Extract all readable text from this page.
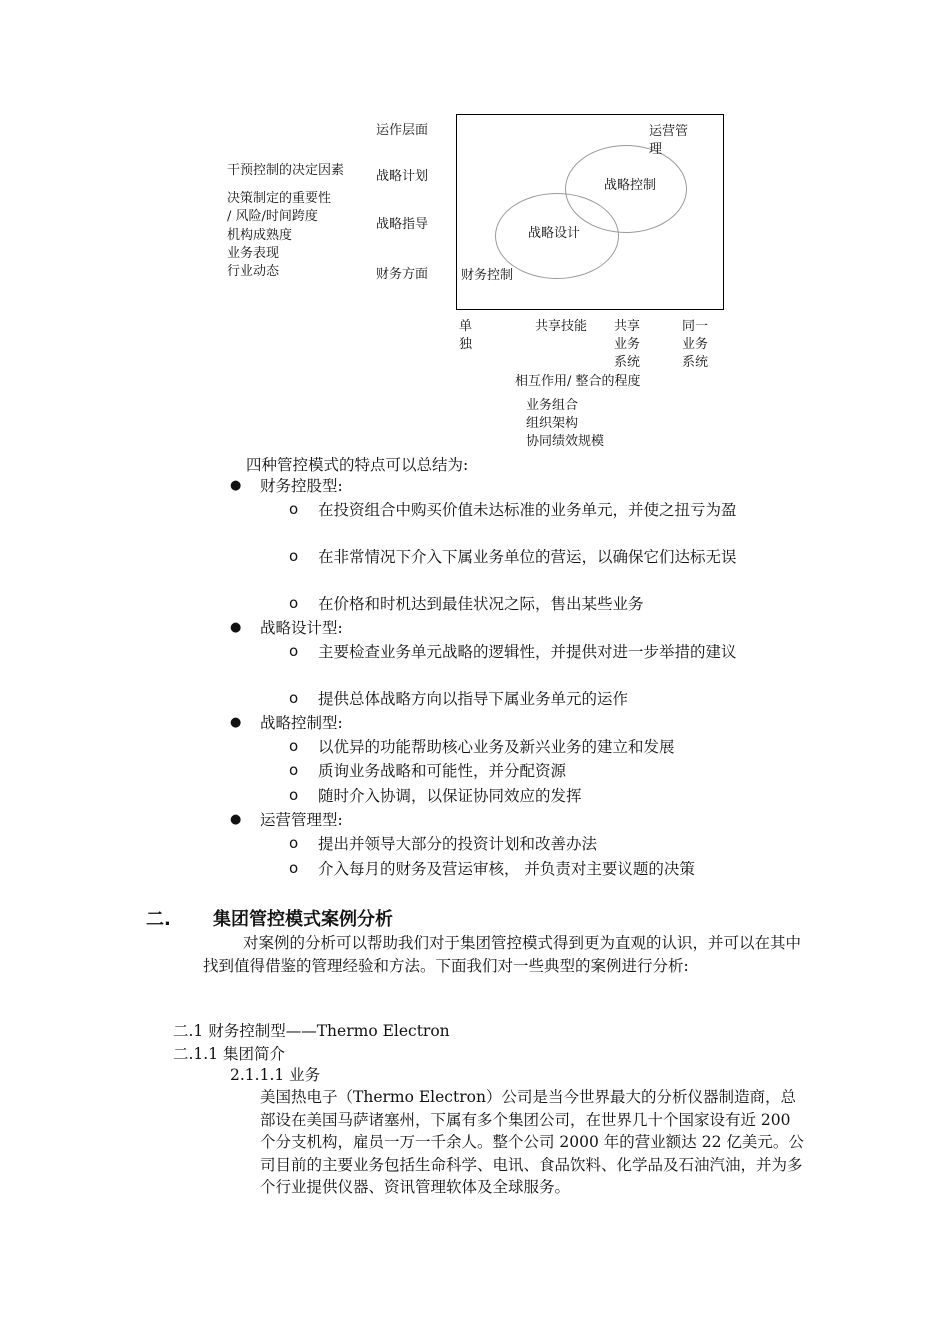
干预控制的决定因素
决策制定的重要性
/ 风险/时间跨度
机构成熟度
业务表现
行业动态
运作层面
战略计划
战略指导
财务方面
战略设计
战略控制
运营管理
财务控制
单独
共享技能 共享业务系统
同一业务系统
相互作用/ 整合的程度
业务组合
组织架构
协同绩效规模
四种管控模式的特点可以总结为:
● 财务控股型:
o 在投资组合中购买价值未达标准的业务单元，并使之扭亏为盈
o 在非常情况下介入下属业务单位的营运，以确保它们达标无误
o 在价格和时机达到最佳状况之际，售出某些业务
● 战略设计型:
o 主要检查业务单元战略的逻辑性，并提供对进一步举措的建议
o 提供总体战略方向以指导下属业务单元的运作
● 战略控制型:
o 以优异的功能帮助核心业务及新兴业务的建立和发展
o 质询业务战略和可能性，并分配资源
o 随时介入协调，以保证协同效应的发挥
● 运营管理型:
o 提出并领导大部分的投资计划和改善办法
o 介入每月的财务及营运审核， 并负责对主要议题的决策
二. 集团管控模式案例分析
对案例的分析可以帮助我们对于集团管控模式得到更为直观的认识，并可以在其中找到值得借鉴的管理经验和方法。下面我们对一些典型的案例进行分析:
二.1 财务控制型——Thermo Electron
二.1.1 集团简介
2.1.1.1 业务
美国热电子（Thermo Electron）公司是当今世界最大的分析仪器制造商，总部设在美国马萨诸塞州，下属有多个集团公司，在世界几十个国家设有近 200 个分支机构，雇员一万一千余人。整个公司 2000 年的营业额达 22 亿美元。公司目前的主要业务包括生命科学、电讯、食品饮料、化学品及石油汽油，并为多个行业提供仪器、资讯管理软体及全球服务。
